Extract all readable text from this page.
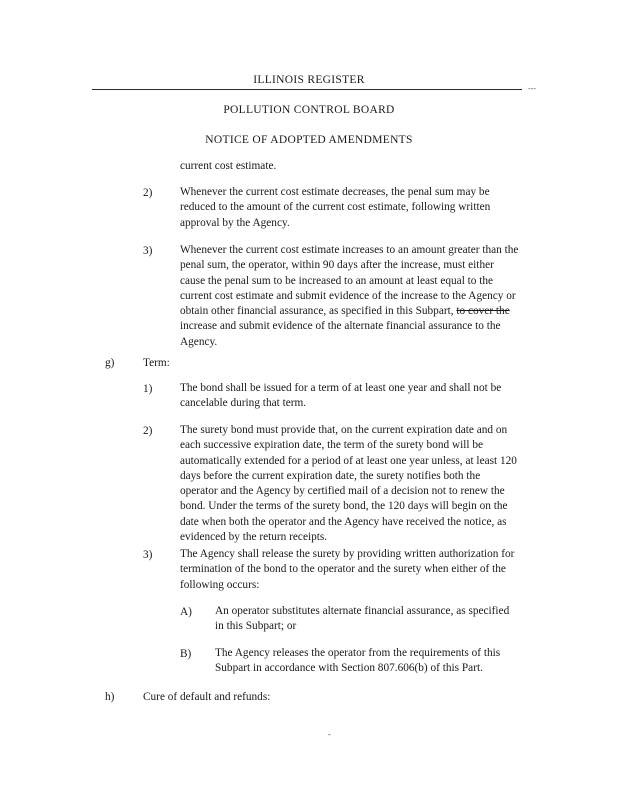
ILLINOIS REGISTER
---
POLLUTION CONTROL BOARD
NOTICE OF ADOPTED AMENDMENTS
current cost estimate.
2) Whenever the current cost estimate decreases, the penal sum may be
reduced to the amount of the current cost estimate, following written
approval by the Agency.
3) Whenever the current cost estimate increases to an amount greater than the
penal sum, the operator, within 90 days after the increase, must either
cause the penal sum to be increased to an amount at least equal to the
current cost estimate and submit evidence of the increase to the Agency or
obtain other financial assurance, as specified in this Subpart, to cover the
increase and submit evidence of the alternate financial assurance to the
Agency.
g)	Term:
1) The bond shall be issued for a term of at least one year and shall not be
cancelable during that term.
2) The surety bond must provide that, on the current expiration date and on
each successive expiration date, the term of the surety bond will be
automatically extended for a period of at least one year unless, at least 120
days before the current expiration date, the surety notifies both the
operator and the Agency by certified mail of a decision not to renew the
bond. Under the terms of the surety bond, the 120 days will begin on the
date when both the operator and the Agency have received the notice, as
evidenced by the return receipts.
3) The Agency shall release the surety by providing written authorization for
termination of the bond to the operator and the surety when either of the
following occurs:
A) An operator substitutes alternate financial assurance, as specified
in this Subpart; or
B) The Agency releases the operator from the requirements of this
Subpart in accordance with Section 807.606(b) of this Part.
h)	Cure of default and refunds:
-
